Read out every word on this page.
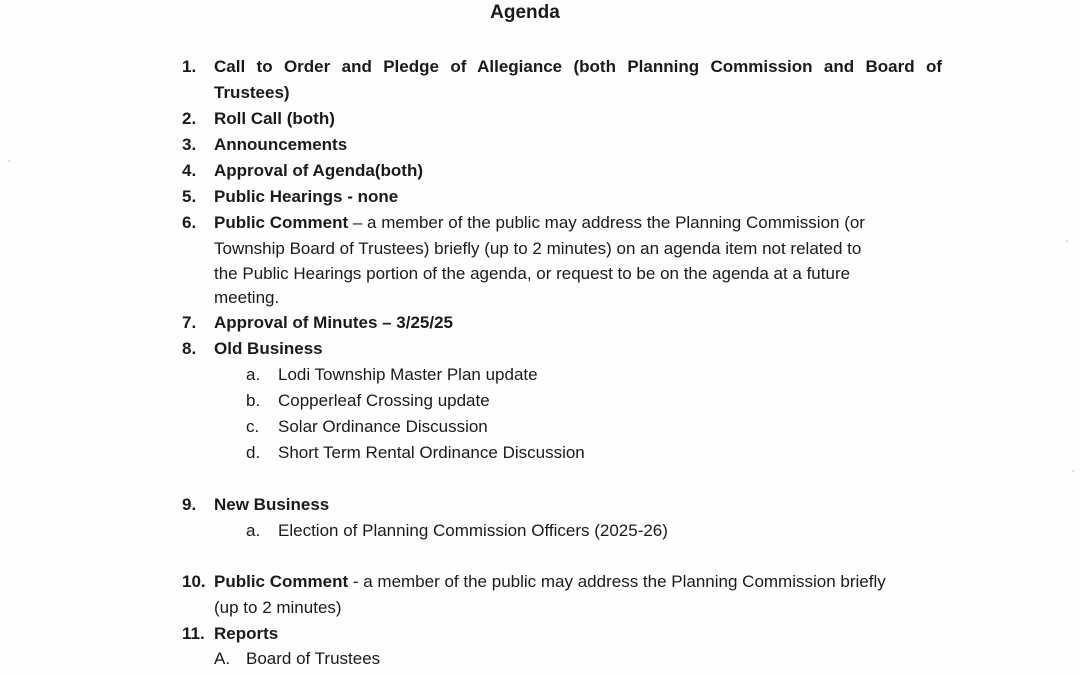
Agenda
1. Call to Order and Pledge of Allegiance (both Planning Commission and Board of
Trustees)
2. Roll Call (both)
3. Announcements
4. Approval of Agenda(both)
5. Public Hearings - none
6. Public Comment – a member of the public may address the Planning Commission (or
Township Board of Trustees) briefly (up to 2 minutes) on an agenda item not related to
the Public Hearings portion of the agenda, or request to be on the agenda at a future
meeting.
7. Approval of Minutes – 3/25/25
8. Old Business
a. Lodi Township Master Plan update
b. Copperleaf Crossing update
c. Solar Ordinance Discussion
d. Short Term Rental Ordinance Discussion
9. New Business
a. Election of Planning Commission Officers (2025-26)
10. Public Comment - a member of the public may address the Planning Commission briefly
(up to 2 minutes)
11. Reports
A. Board of Trustees
